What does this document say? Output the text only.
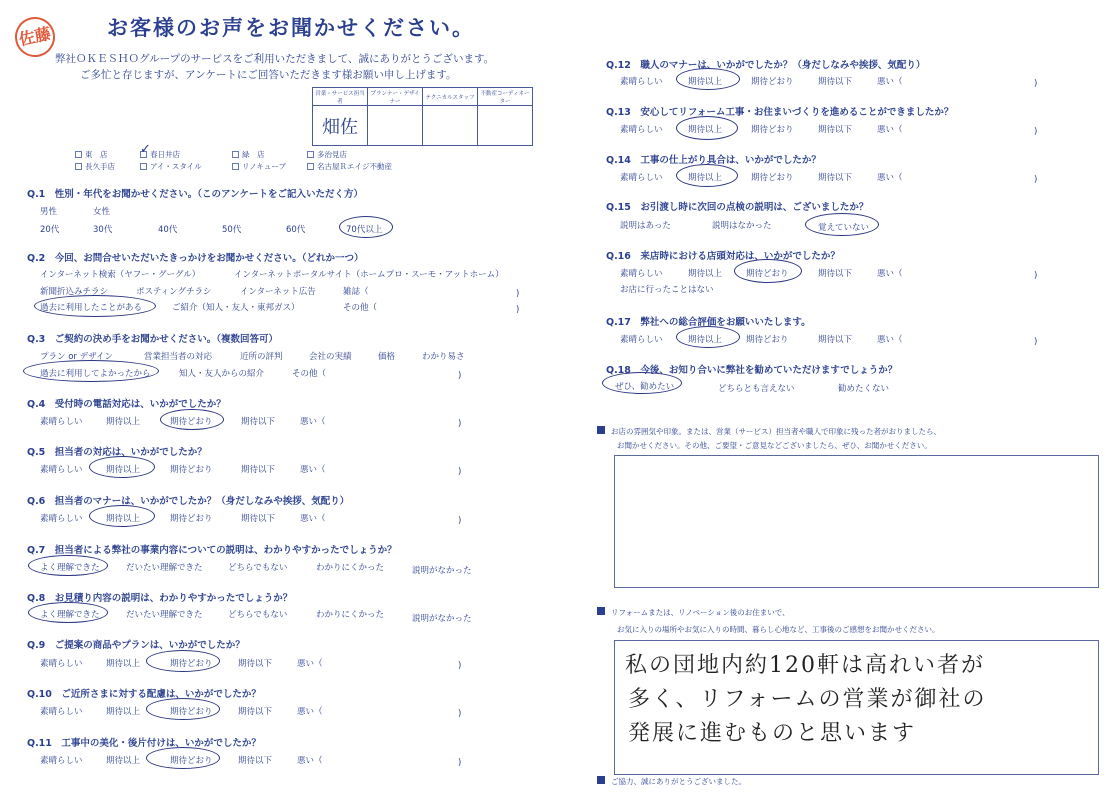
佐藤	お客様のお声をお聞かせください。
弊社ＯＫＥＳＨＯグループのサービスをご利用いただきまして、誠にありがとうございます。
ご多忙と存じますが、アンケートにご回答いただきます様お願い申し上げます。
営業・サービス担当者	プランナー・デザイナー	テクニカルスタッフ	不動産コーディネーター
畑佐			
東　店	春日井店	緑　店	多治見店
長久手店	アイ・スタイル	リノキューブ	名古屋Ｒエイジ不動産
✓
Q.1　性別・年代をお聞かせください。（このアンケートをご記入いただく方）
男性	女性
20代	30代	40代	50代	60代	70代以上
Q.2　今回、お問合せいただいたきっかけをお聞かせください。（どれか一つ）
インターネット検索（ヤフー・グーグル）	インターネットポータルサイト（ホームプロ・スーモ・アットホーム）
新聞折込みチラシ	ポスティングチラシ	インターネット広告	雑誌（	)
過去に利用したことがある	ご紹介（知人・友人・東邦ガス）	その他（	)
Q.3　ご契約の決め手をお聞かせください。（複数回答可）
プラン or デザイン	営業担当者の対応	近所の評判	会社の実績	価格	わかり易さ
過去に利用してよかったから	知人・友人からの紹介	その他（	)
Q.4　受付時の電話対応は、いかがでしたか？
素晴らしい	期待以上	期待どおり	期待以下	悪い（	)
Q.5　担当者の対応は、いかがでしたか？
素晴らしい	期待以上	期待どおり	期待以下	悪い（	)
Q.6　担当者のマナーは、いかがでしたか？（身だしなみや挨拶、気配り）
素晴らしい	期待以上	期待どおり	期待以下	悪い（	)
Q.7　担当者による弊社の事業内容についての説明は、わかりやすかったでしょうか？
よく理解できた	だいたい理解できた	どちらでもない	わかりにくかった	説明がなかった
Q.8　お見積り内容の説明は、わかりやすかったでしょうか？
よく理解できた	だいたい理解できた	どちらでもない	わかりにくかった	説明がなかった
Q.9　ご提案の商品やプランは、いかがでしたか？
素晴らしい	期待以上	期待どおり	期待以下	悪い（	)
Q.10　ご近所さまに対する配慮は、いかがでしたか？
素晴らしい	期待以上	期待どおり	期待以下	悪い（	)
Q.11　工事中の美化・後片付けは、いかがでしたか？
素晴らしい	期待以上	期待どおり	期待以下	悪い（	)
Q.12　職人のマナーは、いかがでしたか？（身だしなみや挨拶、気配り）
素晴らしい	期待以上	期待どおり	期待以下	悪い（	)
Q.13　安心してリフォーム工事・お住まいづくりを進めることができましたか？
素晴らしい	期待以上	期待どおり	期待以下	悪い（	)
Q.14　工事の仕上がり具合は、いかがでしたか？
素晴らしい	期待以上	期待どおり	期待以下	悪い（	)
Q.15　お引渡し時に次回の点検の説明は、ございましたか？
説明はあった	説明はなかった	覚えていない
Q.16　来店時における店頭対応は、いかがでしたか？
素晴らしい	期待以上	期待どおり	期待以下	悪い（	)
お店に行ったことはない
Q.17　弊社への総合評価をお願いいたします。
素晴らしい	期待以上	期待どおり	期待以下	悪い（	)
Q.18　今後、お知り合いに弊社を勧めていただけますでしょうか？
ぜひ、勧めたい	どちらとも言えない	勧めたくない
お店の雰囲気や印象。または、営業（サービス）担当者や職人で印象に残った者がおりましたら、
お聞かせください。その他、ご要望・ご意見などございましたら、ぜひ、お聞かせください。
リフォームまたは、リノベーション後のお住まいで、
お気に入りの場所やお気に入りの時間、暮らし心地など、工事後のご感想をお聞かせください。
私の団地内約120軒は高れい者が
多く、リフォームの営業が御社の
発展に進むものと思います
ご協力、誠にありがとうございました。
